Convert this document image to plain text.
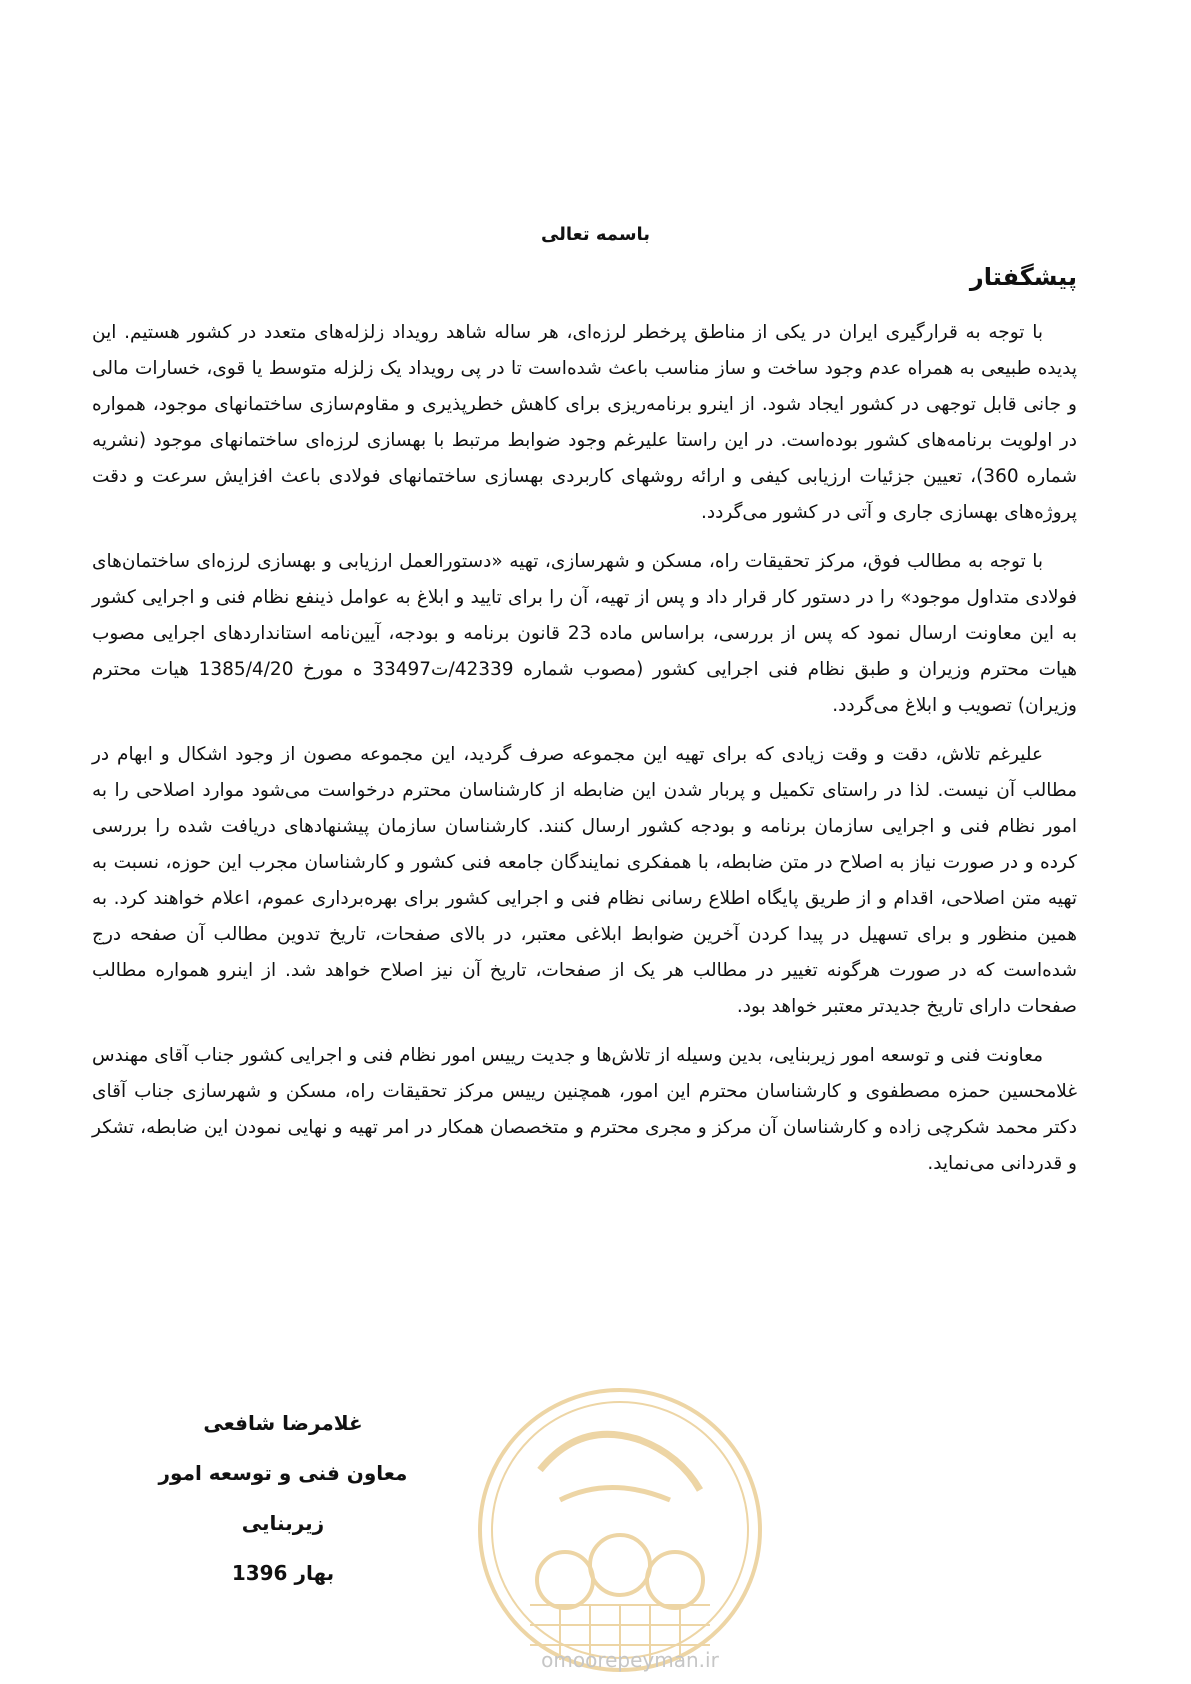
باسمه تعالی
پیشگفتار

با توجه به قرارگیری ایران در یکی از مناطق پرخطر لرزه‌ای، هر ساله شاهد رویداد زلزله‌های متعدد در کشور هستیم. این پدیده طبیعی به همراه عدم وجود ساخت و ساز مناسب باعث شده‌است تا در پی رویداد یک زلزله متوسط یا قوی، خسارات مالی و جانی قابل توجهی در کشور ایجاد شود. از اینرو برنامه‌ریزی برای کاهش خطرپذیری و مقاوم‌سازی ساختمانهای موجود، همواره در اولویت برنامه‌های کشور بوده‌است. در این راستا علیرغم وجود ضوابط مرتبط با بهسازی لرزه‌ای ساختمانهای موجود (نشریه شماره 360)، تعیین جزئیات ارزیابی کیفی و ارائه روشهای کاربردی بهسازی ساختمانهای فولادی باعث افزایش سرعت و دقت پروژه‌های بهسازی جاری و آتی در کشور می‌گردد.

با توجه به مطالب فوق، مرکز تحقیقات راه، مسکن و شهرسازی، تهیه «دستورالعمل ارزیابی و بهسازی لرزه‌ای ساختمان‌های فولادی متداول موجود» را در دستور کار قرار داد و پس از تهیه، آن را برای تایید و ابلاغ به عوامل ذینفع نظام فنی و اجرایی کشور به این معاونت ارسال نمود که پس از بررسی، براساس ماده 23 قانون برنامه و بودجه، آیین‌نامه استانداردهای اجرایی مصوب هیات محترم وزیران و طبق نظام فنی اجرایی کشور (مصوب شماره 42339/ت33497 ه مورخ 1385/4/20 هیات محترم وزیران) تصویب و ابلاغ می‌گردد.

علیرغم تلاش، دقت و وقت زیادی که برای تهیه این مجموعه صرف گردید، این مجموعه مصون از وجود اشکال و ابهام در مطالب آن نیست. لذا در راستای تکمیل و پربار شدن این ضابطه از کارشناسان محترم درخواست می‌شود موارد اصلاحی را به امور نظام فنی و اجرایی سازمان برنامه و بودجه کشور ارسال کنند. کارشناسان سازمان پیشنهادهای دریافت شده را بررسی کرده و در صورت نیاز به اصلاح در متن ضابطه، با همفکری نمایندگان جامعه فنی کشور و کارشناسان مجرب این حوزه، نسبت به تهیه متن اصلاحی، اقدام و از طریق پایگاه اطلاع رسانی نظام فنی و اجرایی کشور برای بهره‌برداری عموم، اعلام خواهند کرد. به همین منظور و برای تسهیل در پیدا کردن آخرین ضوابط ابلاغی معتبر، در بالای صفحات، تاریخ تدوین مطالب آن صفحه درج شده‌است که در صورت هرگونه تغییر در مطالب هر یک از صفحات، تاریخ آن نیز اصلاح خواهد شد. از اینرو همواره مطالب صفحات دارای تاریخ جدیدتر معتبر خواهد بود.

معاونت فنی و توسعه امور زیربنایی، بدین وسیله از تلاش‌ها و جدیت رییس امور نظام فنی و اجرایی کشور جناب آقای مهندس غلامحسین حمزه مصطفوی و کارشناسان محترم این امور، همچنین رییس مرکز تحقیقات راه، مسکن و شهرسازی جناب آقای دکتر محمد شکرچی زاده و کارشناسان آن مرکز و مجری محترم و متخصصان همکار در امر تهیه و نهایی نمودن این ضابطه، تشکر و قدردانی می‌نماید.

غلامرضا شافعی
معاون فنی و توسعه امور زیربنایی
بهار 1396
omoorepeyman.ir
